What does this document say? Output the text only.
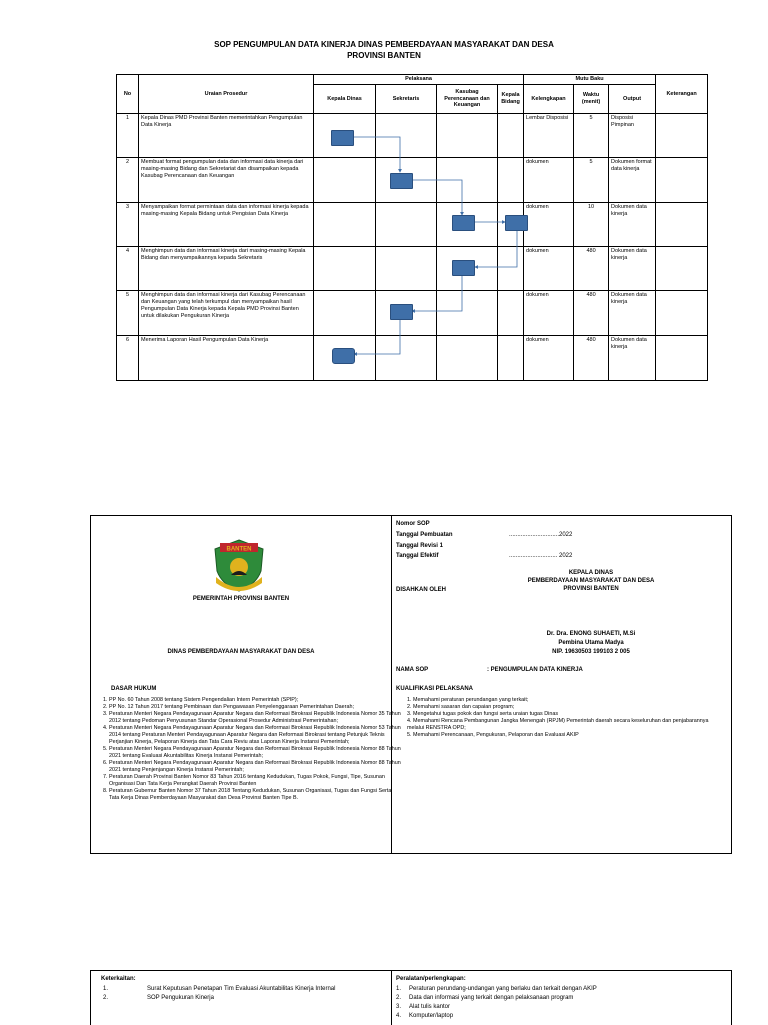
SOP PENGUMPULAN DATA KINERJA DINAS PEMBERDAYAAN MASYARAKAT DAN DESA
PROVINSI BANTEN
No	Uraian Prosedur	Pelaksana				Mutu Baku			Keterangan
		Kepala Dinas	Sekretaris	Kasubag Perencanaan dan Keuangan	Kepala Bidang	Kelengkapan	Waktu (menit)	Output	
1	Kepala Dinas PMD Provinsi Banten memerintahkan Pengumpulan Data Kinerja					Lembar Disposisi	5	Disposisi Pimpinan	
2	Membuat format pengumpulan data dan informasi data kinerja dari masing-masing Bidang dan Sekretariat dan disampaikan kepada Kasubag Perencanaan dan Keuangan					dokumen	5	Dokumen format data kinerja	
3	Menyampaikan format permintaan data dan informasi kinerja kepada masing-masing Kepala Bidang untuk Pengisian Data Kinerja					dokumen	10	Dokumen data kinerja	
4	Menghimpun data dan informasi kinerja dari masing-masing Kepala Bidang dan menyampaikannya kepada Sekretaris					dokumen	480	Dokumen data kinerja	
5	Menghimpun data dan informasi kinerja dari Kasubag Perencanaan dan Keuangan yang telah terkumpul dan menyampaikan hasil Pengumpulan Data Kinerja kepada Kepala PMD Provinsi Banten untuk dilakukan Pengukuran Kinerja					dokumen	480	Dokumen data kinerja	
6	Menerima Laporan Hasil Pengumpulan Data Kinerja					dokumen	480	Dokumen data kinerja	
BANTEN
PEMERINTAH PROVINSI BANTEN
DINAS PEMBERDAYAAN MASYARAKAT DAN DESA
Nomor SOP
Tanggal Pembuatan	..............................2022
Tanggal Revisi 1
Tanggal Efektif	............................. 2022
KEPALA DINAS
PEMBERDAYAAN MASYARAKAT DAN DESA
PROVINSI BANTEN
DISAHKAN OLEH
Dr. Dra. ENONG SUHAETI, M.Si
Pembina Utama Madya
NIP. 19630503 199103 2 005
NAMA SOP	: PENGUMPULAN DATA KINERJA
DASAR HUKUM
1. PP No. 60 Tahun 2008 tentang Sistem Pengendalian Intern Pemerintah (SPIP);
2. PP No. 12 Tahun 2017 tentang Pembinaan dan Pengawasan Penyelenggaraan Pemerintahan Daerah;
3. Peraturan Menteri Negara Pendayagunaan Aparatur Negara dan Reformasi Birokrasi Republik Indonesia Nomor 35 Tahun 2012 tentang Pedoman Penyusunan Standar Operasional Prosedur Administrasi Pemerintahan;
4. Peraturan Menteri Negara Pendayagunaan Aparatur Negara dan Reformasi Birokrasi Republik Indonesia Nomor 53 Tahun 2014 tentang Peraturan Menteri Pendayagunaan Aparatur Negara dan Reformasi Birokrasi tentang Petunjuk Teknis Perjanjian Kinerja, Pelaporan Kinerja dan Tata Cara Reviu atas Laporan Kinerja Instansi Pemerintah;
5. Peraturan Menteri Negara Pendayagunaan Aparatur Negara dan Reformasi Birokrasi Republik Indonesia Nomor 88 Tahun 2021 tentang Evaluasi Akuntabilitas Kinerja Instansi Pemerintah;
6. Peraturan Menteri Negara Pendayagunaan Aparatur Negara dan Reformasi Birokrasi Republik Indonesia Nomor 88 Tahun 2021 tentang Penjenjangan Kinerja Instansi Pemerintah;
7. Peraturan Daerah Provinsi Banten Nomor 83 Tahun 2016 tentang Kedudukan, Tugas Pokok, Fungsi, Tipe, Susunan Organisasi Dan Tata Kerja Perangkat Daerah Provinsi Banten
8. Peraturan Gubernur Banten Nomor 37 Tahun 2018 Tentang Kedudukan, Susunan Organisasi, Tugas dan Fungsi Serta Tata Kerja Dinas Pemberdayaan Masyarakat dan Desa Provinsi Banten Tipe B.
KUALIFIKASI PELAKSANA
1. Memahami peraturan perundangan yang terkait;
2. Memahami sasaran dan capaian program;
3. Mengetahui tugas pokok dan fungsi serta uraian tugas Dinas
4. Memahami Rencana Pembangunan Jangka Menengah (RPJM) Pemerintah daerah secara keseluruhan dan penjabarannya melalui RENSTRA OPD;
5. Memahami Perencanaan, Pengukuran, Pelaporan dan Evaluasi AKIP
Keterkaitan:
1.	Surat Keputusan Penetapan Tim Evaluasi Akuntabilitas Kinerja Internal
2.	SOP Pengukuran Kinerja
Peralatan/perlengkapan:
1. Peraturan perundang-undangan yang berlaku dan terkait dengan AKIP
2. Data dan informasi yang terkait dengan pelaksanaan program
3. Alat tulis kantor
4. Komputer/laptop
